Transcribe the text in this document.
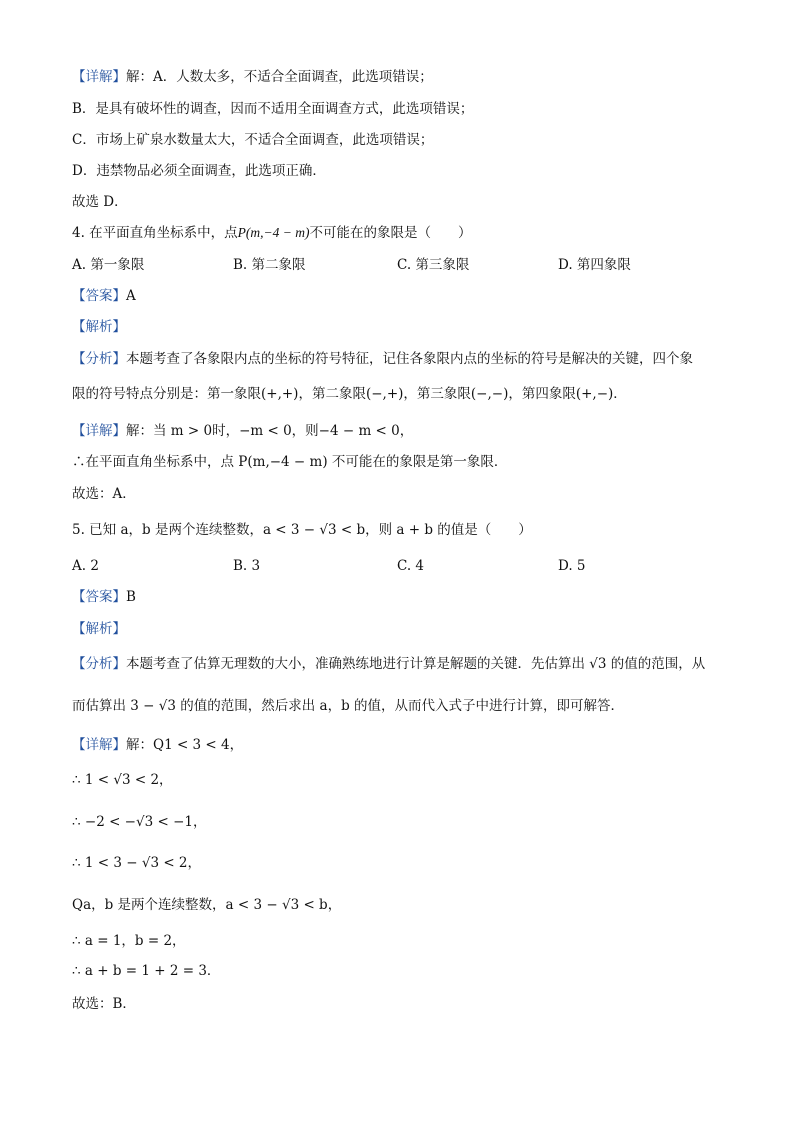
【详解】解：A．人数太多，不适合全面调查，此选项错误；
B．是具有破坏性的调查，因而不适用全面调查方式，此选项错误；
C．市场上矿泉水数量太大，不适合全面调查，此选项错误；
D．违禁物品必须全面调查，此选项正确．
故选 D．
4. 在平面直角坐标系中，点P(m,−4 − m)不可能在的象限是（　　）
A. 第一象限	B. 第二象限	C. 第三象限	D. 第四象限
【答案】A
【解析】
【分析】本题考查了各象限内点的坐标的符号特征，记住各象限内点的坐标的符号是解决的关键，四个象
限的符号特点分别是：第一象限(+,+)，第二象限(−,+)，第三象限(−,−)，第四象限(+,−)．
【详解】解：当 m > 0时，−m < 0，则−4 − m < 0，
∴在平面直角坐标系中，点 P(m,−4 − m) 不可能在的象限是第一象限．
故选：A．
5. 已知 a，b 是两个连续整数，a < 3 − √3 < b，则 a + b 的值是（　　）
A. 2	B. 3	C. 4	D. 5
【答案】B
【解析】
【分析】本题考查了估算无理数的大小，准确熟练地进行计算是解题的关键．先估算出 √3 的值的范围，从
而估算出 3 − √3 的值的范围，然后求出 a，b 的值，从而代入式子中进行计算，即可解答．
【详解】解：Q1 < 3 < 4，
∴ 1 < √3 < 2，
∴ −2 < −√3 < −1，
∴ 1 < 3 − √3 < 2，
Qa，b 是两个连续整数，a < 3 − √3 < b，
∴ a = 1，b = 2，
∴ a + b = 1 + 2 = 3．
故选：B．
